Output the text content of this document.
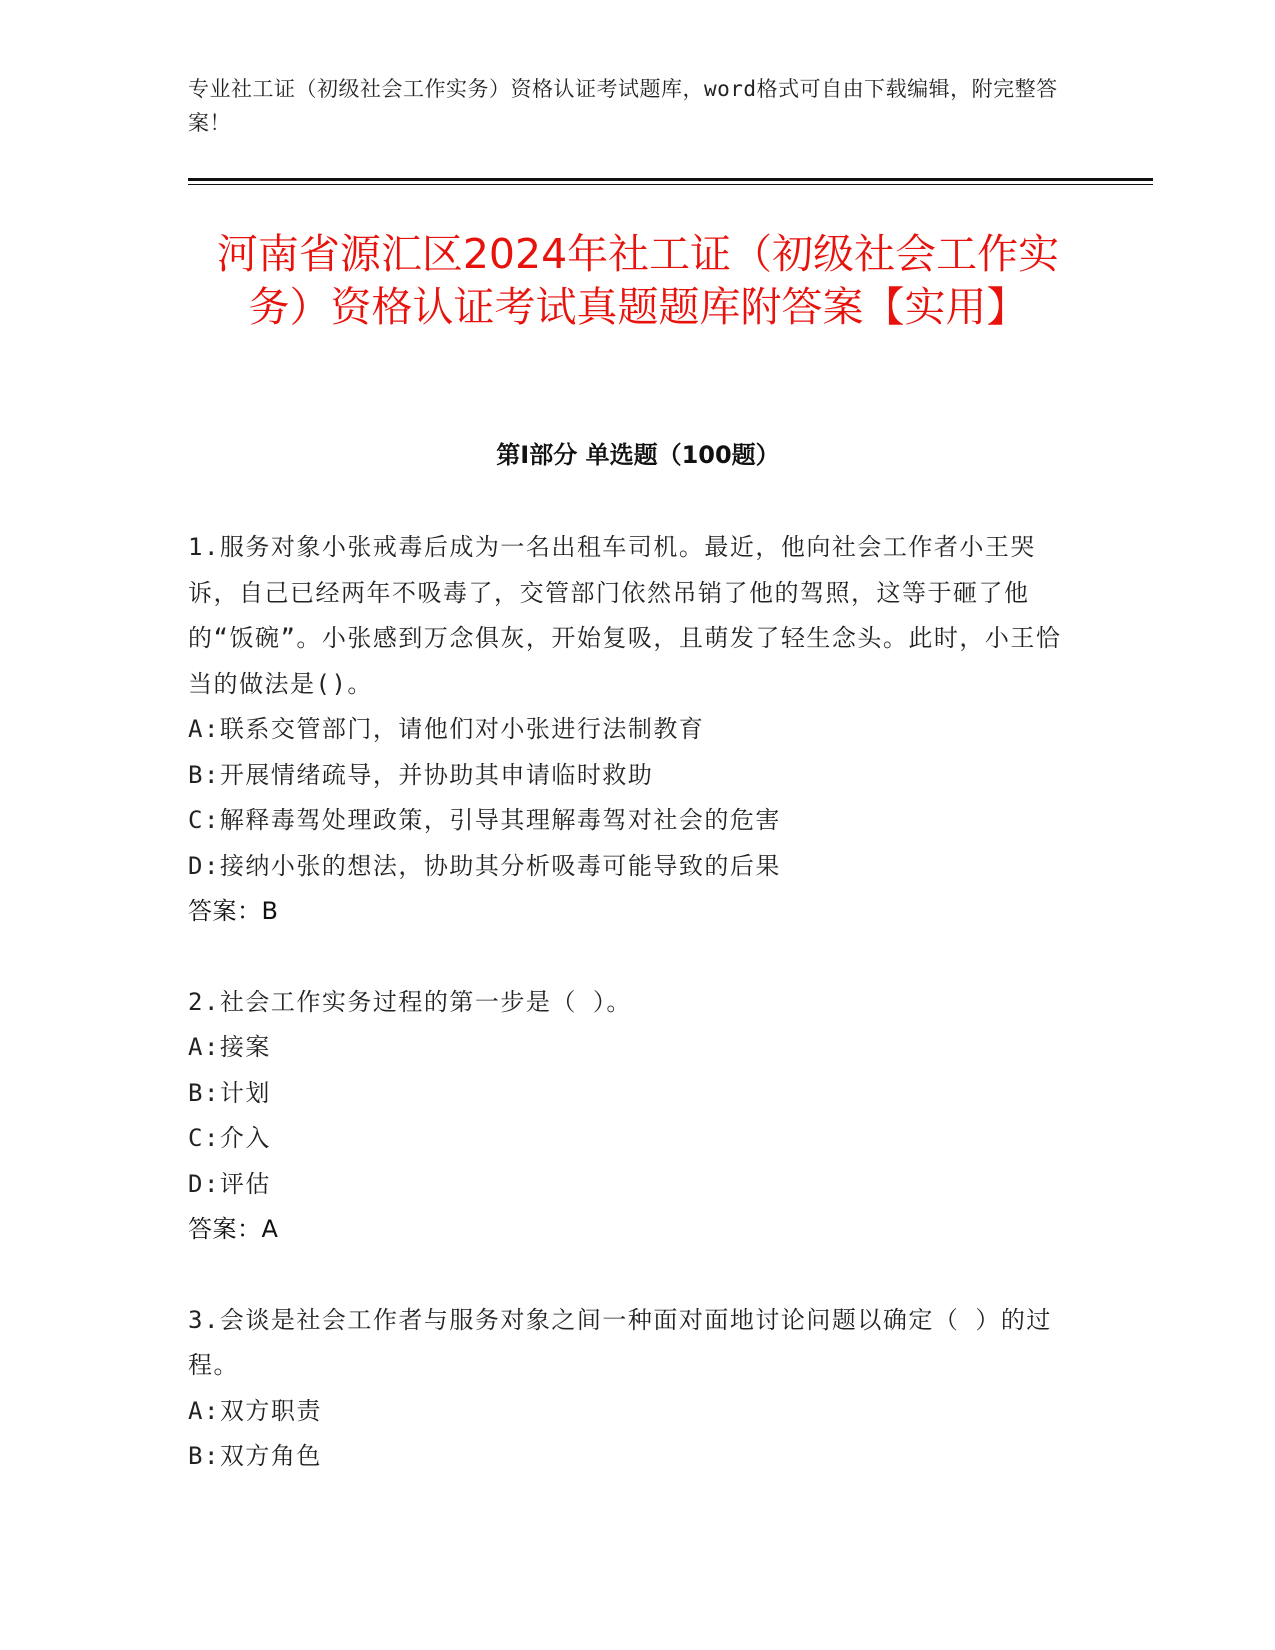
专业社工证（初级社会工作实务）资格认证考试题库，word格式可自由下载编辑，附完整答案！
河南省源汇区2024年社工证（初级社会工作实务）资格认证考试真题题库附答案【实用】
第I部分 单选题（100题）

1.服务对象小张戒毒后成为一名出租车司机。最近，他向社会工作者小王哭诉，自己已经两年不吸毒了，交管部门依然吊销了他的驾照，这等于砸了他的“饭碗”。小张感到万念俱灰，开始复吸，且萌发了轻生念头。此时，小王恰当的做法是()。

A:联系交管部门，请他们对小张进行法制教育

B:开展情绪疏导，并协助其申请临时救助

C:解释毒驾处理政策，引导其理解毒驾对社会的危害

D:接纳小张的想法，协助其分析吸毒可能导致的后果

答案：B

2.社会工作实务过程的第一步是（ ）。

A:接案

B:计划

C:介入

D:评估

答案：A

3.会谈是社会工作者与服务对象之间一种面对面地讨论问题以确定（ ）的过程。

A:双方职责

B:双方角色
